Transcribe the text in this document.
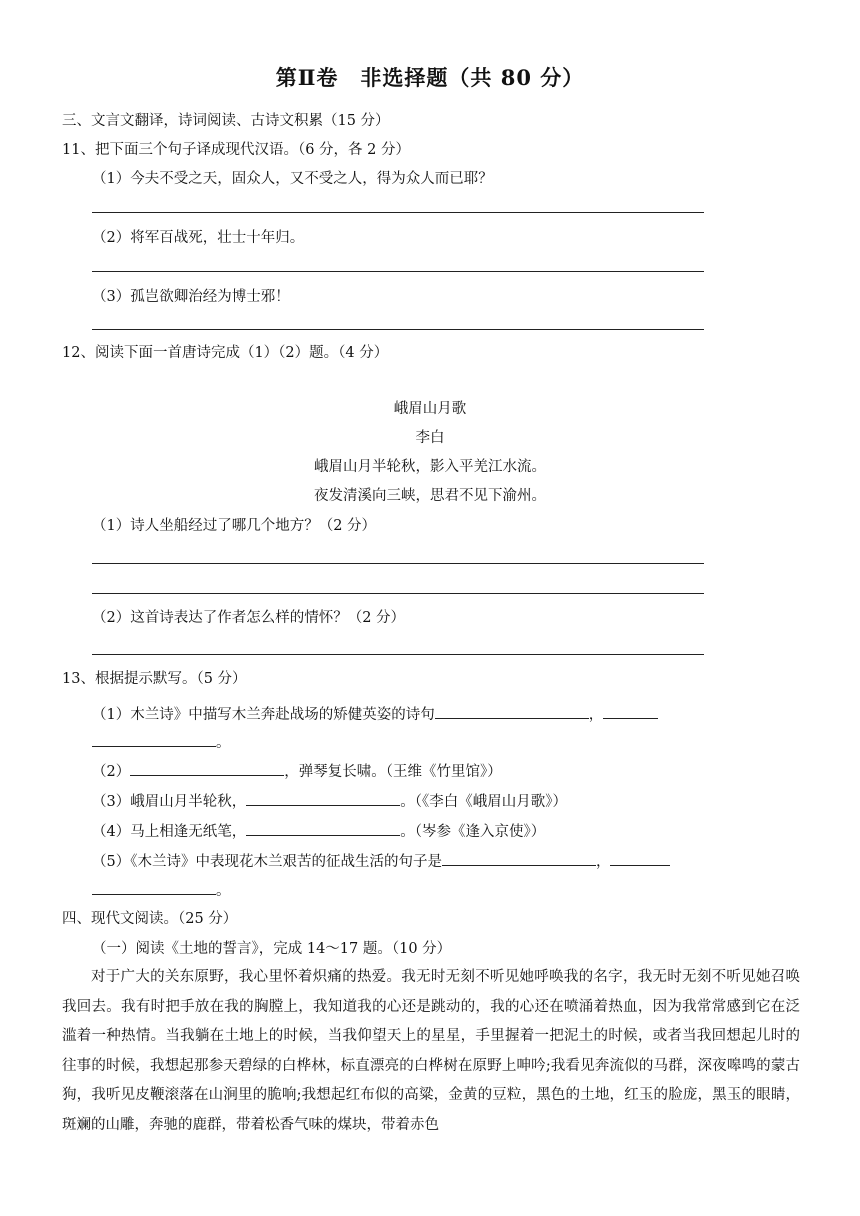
第Ⅱ卷　非选择题（共 80 分）
三、文言文翻译，诗词阅读、古诗文积累（15 分）
11、把下面三个句子译成现代汉语。（6 分，各 2 分）
（1）今夫不受之天，固众人，又不受之人，得为众人而已耶？
（2）将军百战死，壮士十年归。
（3）孤岂欲卿治经为博士邪！
12、阅读下面一首唐诗完成（1）（2）题。（4 分）
峨眉山月歌
李白
峨眉山月半轮秋，影入平羌江水流。
夜发清溪向三峡，思君不见下渝州。
（1）诗人坐船经过了哪几个地方？（2 分）
（2）这首诗表达了作者怎么样的情怀？（2 分）
13、根据提示默写。（5 分）
（1）木兰诗》中描写木兰奔赴战场的矫健英姿的诗句	，
。
（2）	，弹琴复长啸。（王维《竹里馆》）
（3）峨眉山月半轮秋，	。（《李白《峨眉山月歌》）
（4）马上相逢无纸笔，	。（岑参《逢入京使》）
（5）《木兰诗》中表现花木兰艰苦的征战生活的句子是	，
。
四、现代文阅读。（25 分）
（一）阅读《土地的誓言》，完成 14～17 题。（10 分）
对于广大的关东原野，我心里怀着炽痛的热爱。我无时无刻不听见她呼唤我的名字，我无时无刻不听见她召唤我回去。我有时把手放在我的胸膛上，我知道我的心还是跳动的，我的心还在喷涌着热血，因为我常常感到它在泛滥着一种热情。当我躺在土地上的时候，当我仰望天上的星星，手里握着一把泥土的时候，或者当我回想起儿时的往事的时候，我想起那参天碧绿的白桦林，标直漂亮的白桦树在原野上呻吟;我看见奔流似的马群，深夜嗥鸣的蒙古狗，我听见皮鞭滚落在山涧里的脆响;我想起红布似的高粱，金黄的豆粒，黑色的土地，红玉的脸庞，黑玉的眼睛，斑斓的山雕，奔驰的鹿群，带着松香气味的煤块，带着赤色
